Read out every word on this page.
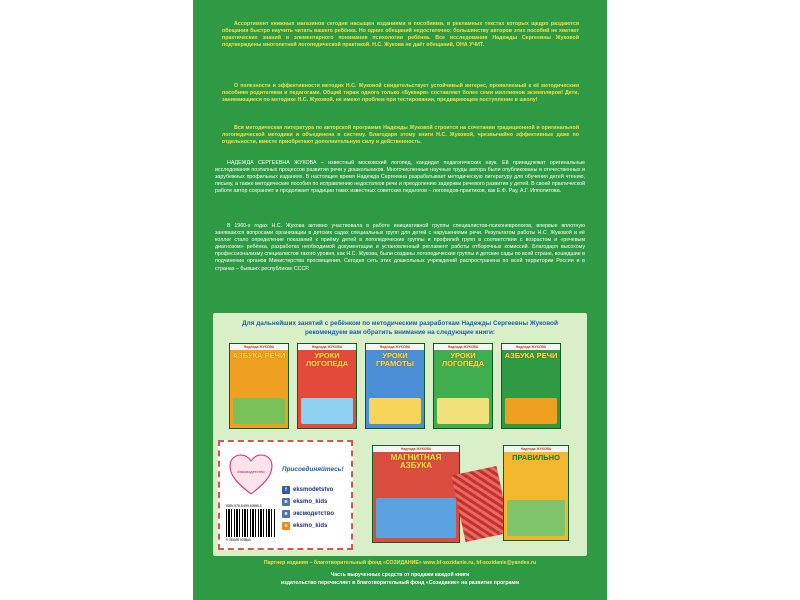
Ассортимент книжных магазинов сегодня насыщен изданиями и пособиями, в рекламных текстах которых щедро раздаются обещания быстро научить читать вашего ребёнка. Но одних обещаний недостаточно; большинству авторов этих пособий не хватает практических знаний и элементарного понимания психологии ребёнка. Все исследования Надежды Сергеевны Жуковой подтверждены многолетней логопедической практикой. Н.С. Жукова не даёт обещаний, ОНА УЧИТ.

О полезности и эффективности методик Н.С. Жуковой свидетельствует устойчивый интерес, проявляемый к её методическим пособиям родителями и педагогами. Общий тираж одного только «Букваря» составляет более семи миллионов экземпляров! Дети, занимающиеся по методике Н.С. Жуковой, не имеют проблем при тестировании, предваряющем поступление в школу!

Вся методическая литература по авторской программе Надежды Жуковой строится на сочетании традиционной и оригинальной логопедической методики и объединена в систему. Благодаря этому книги Н.С. Жуковой, чрезвычайно эффективные даже по отдельности, вместе приобретают дополнительную силу и действенность.

НАДЕЖДА СЕРГЕЕВНА ЖУКОВА – известный московский логопед, кандидат педагогических наук. Ей принадлежат оригинальные исследования поэтапных процессов развития речи у дошкольников. Многочисленные научные труды автора были опубликованы в отечественных и зарубежных профильных изданиях. В настоящее время Надежда Сергеевна разрабатывает методическую литературу для обучения детей чтению, письму, а также методические пособия по исправлению недостатков речи и преодолению задержки речевого развития у детей. В своей практической работе автор сохраняет и продолжает традиции таких известных советских педагогов – логопедов-практиков, как Е.Ф. Рау, А.Г. Ипполитова.

В 1960-х годах Н.С. Жукова активно участвовала в работе инициативной группы специалистов-психоневрологов, впервые вплотную занявшихся вопросами организации в детских садах специальных групп для детей с нарушениями речи. Результатом работы Н.С. Жуковой и её коллег стало определение показаний к приёму детей в логопедические группы и профилей групп в соответствии с возрастом и «речевым диагнозом» ребёнка, разработка необходимой документации и установленный регламент работы отборочных комиссий. Благодаря высокому профессионализму специалистов такого уровня, как Н.С. Жукова, были созданы логопедические группы и детские сады по всей стране, вошедшие в подчинение органов Министерства просвещения. Сегодня сеть этих дошкольных учреждений распространена по всей территории России и в странах – бывших республиках СССР.

Для дальнейших занятий с ребёнком по методическим разработкам Надежды Сергеевны Жуковой
рекомендуем вам обратить внимание на следующие книги:

Надежда ЖУКОВА
АЗБУКА РЕЧИ
Надежда ЖУКОВА
УРОКИ ЛОГОПЕДА
Надежда ЖУКОВА
УРОКИ ГРАМОТЫ
Надежда ЖУКОВА
УРОКИ ЛОГОПЕДА
Надежда ЖУКОВА
АЗБУКА РЕЧИ
Надежда ЖУКОВА
МАГНИТНАЯ АЗБУКА
Надежда ЖУКОВА
ПРАВИЛЬНО
#эксмодетство	Присоединяйтесь!

f	eksmodetstvo
в eksmo_kids
в эксмодетство
o eksmo_kids

ISBN 978-5-699-90986-5

9 785699 909865

Партнер издания – благотворительный фонд «СОЗИДАНИЕ» www.bf-sozidanie.ru, bf-sozidanie@yandex.ru

Часть вырученных средств от продажи каждой книги

издательство перечисляет в благотворительный фонд «Созидание» на развитие программ
